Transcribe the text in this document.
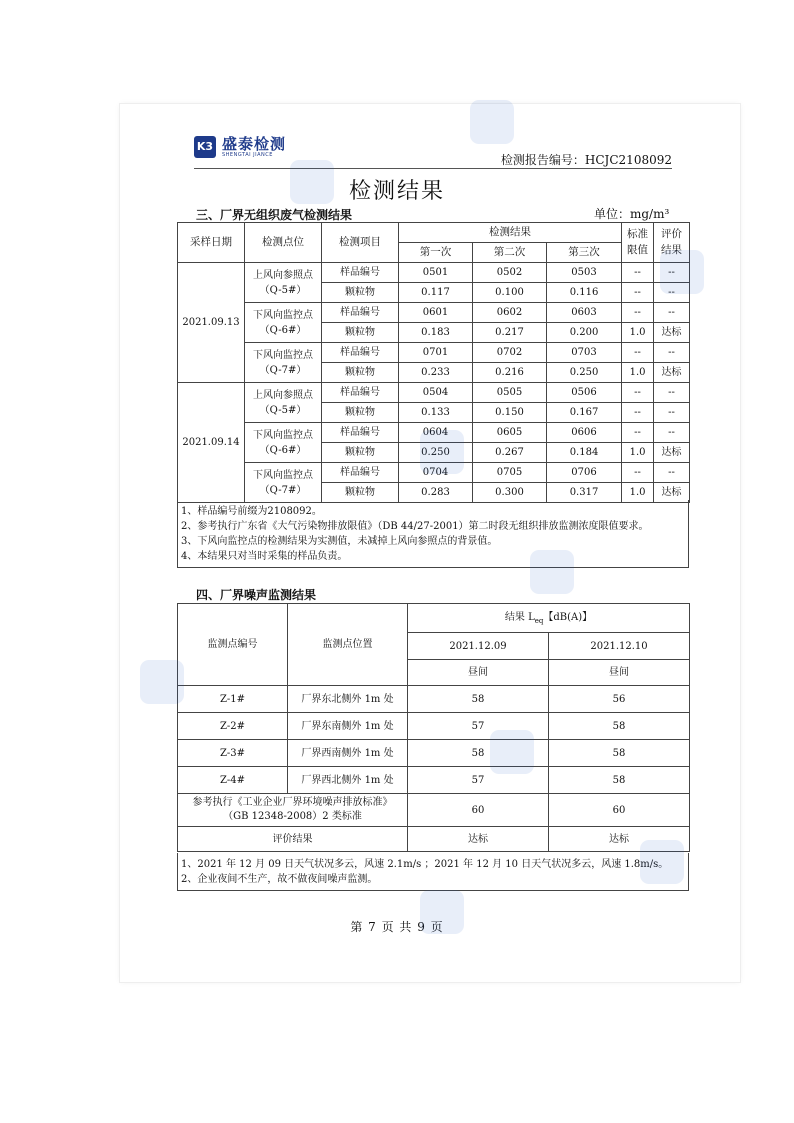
K3 盛泰检测
SHENGTAI JIANCE	检测报告编号：HCJC2108092
检测结果
三、厂界无组织废气检测结果	单位：mg/m³
采样日期	检测点位	检测项目	检测结果			标准限值	评价结果
			第一次	第二次	第三次		
2021.09.13	上风向参照点
（Q-5#）	样品编号	0501	0502	0503	--	--
		颗粒物	0.117	0.100	0.116	--	--

	下风向监控点
（Q-6#）	样品编号	0601	0602	0603	--	--
		颗粒物	0.183	0.217	0.200	1.0	达标

	下风向监控点
（Q-7#）	样品编号	0701	0702	0703	--	--
		颗粒物	0.233	0.216	0.250	1.0	达标
2021.09.14	上风向参照点
（Q-5#）	样品编号	0504	0505	0506	--	--
		颗粒物	0.133	0.150	0.167	--	--

	下风向监控点
（Q-6#）	样品编号	0604	0605	0606	--	--
		颗粒物	0.250	0.267	0.184	1.0	达标

	下风向监控点
（Q-7#）	样品编号	0704	0705	0706	--	--
		颗粒物	0.283	0.300	0.317	1.0	达标
1、样品编号前缀为2108092。
2、参考执行广东省《大气污染物排放限值》（DB 44/27-2001）第二时段无组织排放监测浓度限值要求。
3、下风向监控点的检测结果为实测值，未减掉上风向参照点的背景值。
4、本结果只对当时采集的样品负责。
四、厂界噪声监测结果
监测点编号	监测点位置	结果 $L_{eq}$【dB(A)】	
		2021.12.09	2021.12.10
		昼间	昼间
Z-1#	厂界东北侧外 1m 处	58	56
Z-2#	厂界东南侧外 1m 处	57	58
Z-3#	厂界西南侧外 1m 处	58	58
Z-4#	厂界西北侧外 1m 处	57	58

参考执行《工业企业厂界环境噪声排放标准》
（GB 12348-2008）2 类标准		60	60
评价结果		达标	达标
1、2021 年 12 月 09 日天气状况多云，风速 2.1m/s ；2021 年 12 月 10 日天气状况多云，风速 1.8m/s。
2、企业夜间不生产，故不做夜间噪声监测。
第 7 页 共 9 页
